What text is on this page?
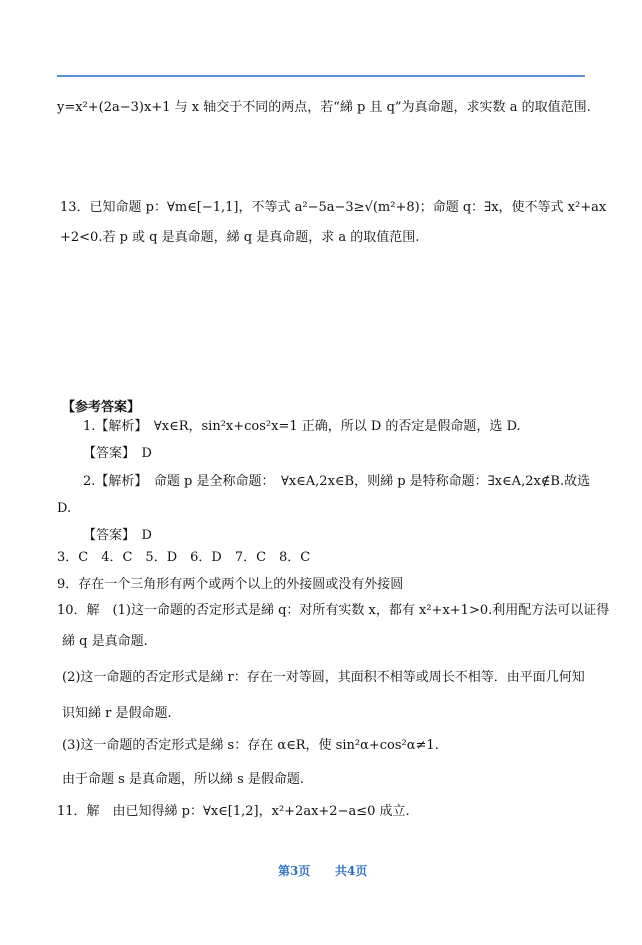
y=x²+(2a−3)x+1 与 x 轴交于不同的两点，若“綈 p 且 q”为真命题，求实数 a 的取值范围.
13．已知命题 p：∀m∈[−1,1]，不等式 a²−5a−3≥√(m²+8)；命题 q：∃x，使不等式 x²+ax
+2<0.若 p 或 q 是真命题，綈 q 是真命题，求 a 的取值范围.
【参考答案】
1.【解析】　∀x∈R，sin²x+cos²x=1 正确，所以 D 的否定是假命题，选 D.
【答案】　D
2.【解析】　命题 p 是全称命题：　∀x∈A,2x∈B，则綈 p 是特称命题：∃x∈A,2x∉B.故选
D.
【答案】　D
3．C　4．C　5．D　6．D　7．C　8．C
9．存在一个三角形有两个或两个以上的外接圆或没有外接圆
10．解　(1)这一命题的否定形式是綈 q：对所有实数 x，都有 x²+x+1>0.利用配方法可以证得
綈 q 是真命题.
(2)这一命题的否定形式是綈 r：存在一对等圆，其面积不相等或周长不相等．由平面几何知
识知綈 r 是假命题.
(3)这一命题的否定形式是綈 s：存在 α∈R，使 sin²α+cos²α≠1.
由于命题 s 是真命题，所以綈 s 是假命题.
11．解　由已知得綈 p：∀x∈[1,2]，x²+2ax+2−a≤0 成立.
第3页 共4页
